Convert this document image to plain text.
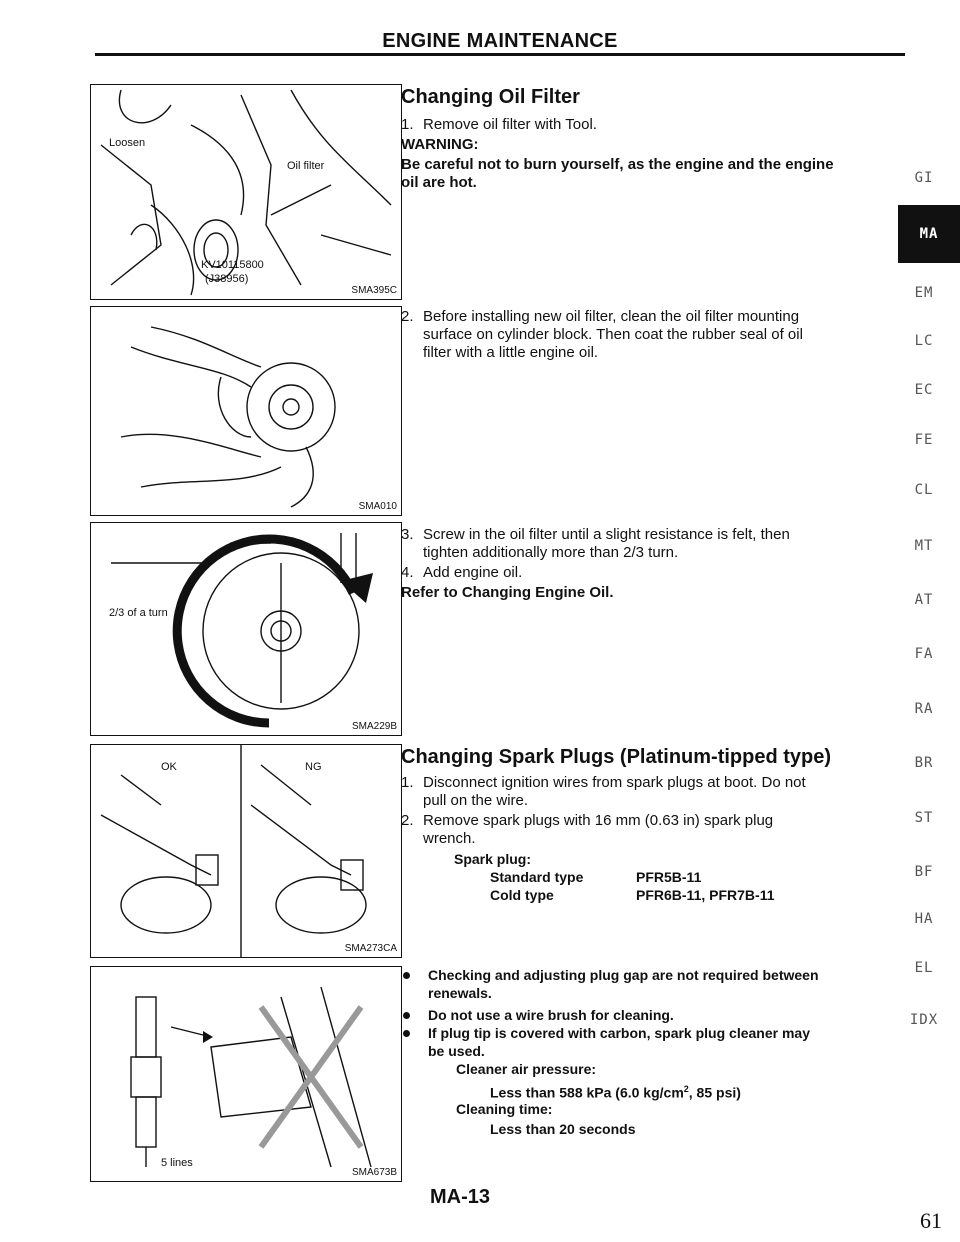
ENGINE MAINTENANCE
Loosen
Oil filter
KV10115800
(J38956)
SMA395C
SMA010
2/3 of a turn
SMA229B
OK	NG
SMA273CA
5 lines
SMA673B
Changing Oil Filter
1. Remove oil filter with Tool.
WARNING:
Be careful not to burn yourself, as the engine and the engine
oil are hot.
2. Before installing new oil filter, clean the oil filter mounting
surface on cylinder block. Then coat the rubber seal of oil
filter with a little engine oil.
3. Screw in the oil filter until a slight resistance is felt, then
tighten additionally more than 2/3 turn.
4. Add engine oil.
Refer to Changing Engine Oil.
Changing Spark Plugs (Platinum-tipped type)
1. Disconnect ignition wires from spark plugs at boot. Do not
pull on the wire.
2. Remove spark plugs with 16 mm (0.63 in) spark plug
wrench.
Spark plug:
Standard type	PFR5B-11
Cold type	PFR6B-11, PFR7B-11
Checking and adjusting plug gap are not required between
renewals.
Do not use a wire brush for cleaning.
If plug tip is covered with carbon, spark plug cleaner may
be used.
Cleaner air pressure:
Less than 588 kPa (6.0 $kg/cm^2$, 85 psi)
Cleaning time:
Less than 20 seconds
GI
MA
EM
LC
EC
FE
CL
MT
AT
FA
RA
BR
ST
BF
HA
EL
IDX
MA-13
61
